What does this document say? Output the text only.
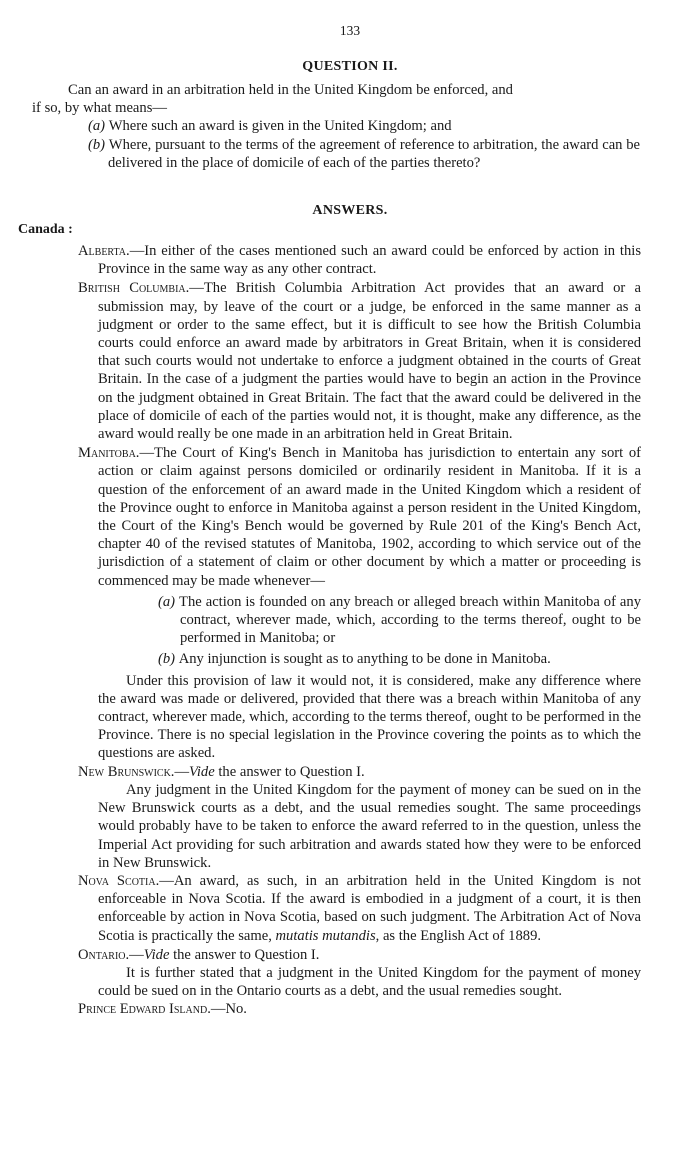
133
QUESTION II.

Can an award in an arbitration held in the United Kingdom be enforced, and

if so, by what means—

(a) Where such an award is given in the United Kingdom; and

(b) Where, pursuant to the terms of the agreement of reference to arbitration, the award can be delivered in the place of domicile of each of the parties thereto?

ANSWERS.
Canada :

Alberta.—In either of the cases mentioned such an award could be enforced by action in this Province in the same way as any other contract.

British Columbia.—The British Columbia Arbitration Act provides that an award or a submission may, by leave of the court or a judge, be enforced in the same manner as a judgment or order to the same effect, but it is difficult to see how the British Columbia courts could enforce an award made by arbitrators in Great Britain, when it is considered that such courts would not undertake to enforce a judgment obtained in the courts of Great Britain. In the case of a judgment the parties would have to begin an action in the Province on the judgment obtained in Great Britain. The fact that the award could be delivered in the place of domicile of each of the parties would not, it is thought, make any difference, as the award would really be one made in an arbitration held in Great Britain.

Manitoba.—The Court of King's Bench in Manitoba has jurisdiction to entertain any sort of action or claim against persons domiciled or ordinarily resident in Manitoba. If it is a question of the enforcement of an award made in the United Kingdom which a resident of the Province ought to enforce in Manitoba against a person resident in the United Kingdom, the Court of the King's Bench would be governed by Rule 201 of the King's Bench Act, chapter 40 of the revised statutes of Manitoba, 1902, according to which service out of the jurisdiction of a statement of claim or other document by which a matter or proceeding is commenced may be made whenever—

(a) The action is founded on any breach or alleged breach within Manitoba of any contract, wherever made, which, according to the terms thereof, ought to be performed in Manitoba; or

(b) Any injunction is sought as to anything to be done in Manitoba.

Under this provision of law it would not, it is considered, make any difference where the award was made or delivered, provided that there was a breach within Manitoba of any contract, wherever made, which, according to the terms thereof, ought to be performed in the Province. There is no special legislation in the Province covering the points as to which the questions are asked.

New Brunswick.—Vide the answer to Question I.

Any judgment in the United Kingdom for the payment of money can be sued on in the New Brunswick courts as a debt, and the usual remedies sought. The same proceedings would probably have to be taken to enforce the award referred to in the question, unless the Imperial Act providing for such arbitration and awards stated how they were to be enforced in New Brunswick.

Nova Scotia.—An award, as such, in an arbitration held in the United Kingdom is not enforceable in Nova Scotia. If the award is embodied in a judgment of a court, it is then enforceable by action in Nova Scotia, based on such judgment. The Arbitration Act of Nova Scotia is practically the same, mutatis mutandis, as the English Act of 1889.

Ontario.—Vide the answer to Question I.

It is further stated that a judgment in the United Kingdom for the payment of money could be sued on in the Ontario courts as a debt, and the usual remedies sought.

Prince Edward Island.—No.
